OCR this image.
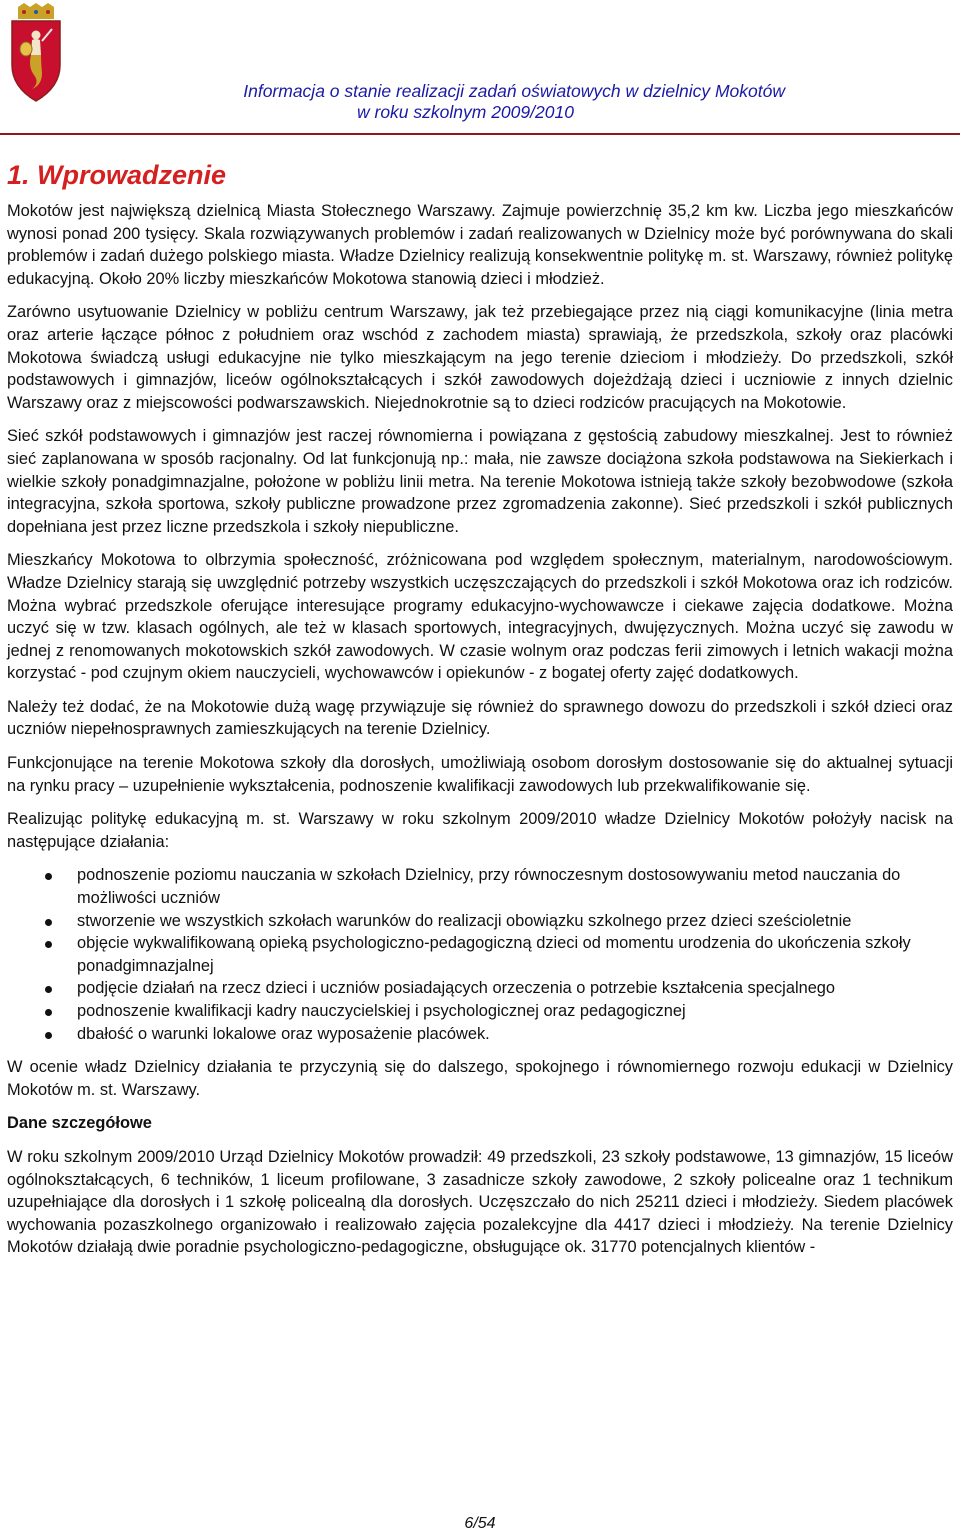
Informacja o stanie realizacji zadań oświatowych w dzielnicy Mokotów
w roku szkolnym 2009/2010
1. Wprowadzenie

Mokotów jest największą dzielnicą Miasta Stołecznego Warszawy. Zajmuje powierzchnię 35,2 km kw. Liczba jego mieszkańców wynosi ponad 200 tysięcy. Skala rozwiązywanych problemów i zadań realizowanych w Dzielnicy może być porównywana do skali problemów i zadań dużego polskiego miasta. Władze Dzielnicy realizują konsekwentnie politykę m. st. Warszawy, również politykę edukacyjną. Około 20% liczby mieszkańców Mokotowa stanowią dzieci i młodzież.

Zarówno usytuowanie Dzielnicy w pobliżu centrum Warszawy, jak też przebiegające przez nią ciągi komunikacyjne (linia metra oraz arterie łączące północ z południem oraz wschód z zachodem miasta) sprawiają, że przedszkola, szkoły oraz placówki Mokotowa świadczą usługi edukacyjne nie tylko mieszkającym na jego terenie dzieciom i młodzieży. Do przedszkoli, szkół podstawowych i gimnazjów, liceów ogólnokształcących i szkół zawodowych dojeżdżają dzieci i uczniowie z innych dzielnic Warszawy oraz z miejscowości podwarszawskich. Niejednokrotnie są to dzieci rodziców pracujących na Mokotowie.

Sieć szkół podstawowych i gimnazjów jest raczej równomierna i powiązana z gęstością zabudowy mieszkalnej. Jest to również sieć zaplanowana w sposób racjonalny. Od lat funkcjonują np.: mała, nie zawsze dociążona szkoła podstawowa na Siekierkach i wielkie szkoły ponadgimnazjalne, położone w pobliżu linii metra. Na terenie Mokotowa istnieją także szkoły bezobwodowe (szkoła integracyjna, szkoła sportowa, szkoły publiczne prowadzone przez zgromadzenia zakonne). Sieć przedszkoli i szkół publicznych dopełniana jest przez liczne przedszkola i szkoły niepubliczne.

Mieszkańcy Mokotowa to olbrzymia społeczność, zróżnicowana pod względem społecznym, materialnym, narodowościowym. Władze Dzielnicy starają się uwzględnić potrzeby wszystkich uczęszczających do przedszkoli i szkół Mokotowa oraz ich rodziców. Można wybrać przedszkole oferujące interesujące programy edukacyjno-wychowawcze i ciekawe zajęcia dodatkowe. Można uczyć się w tzw. klasach ogólnych, ale też w klasach sportowych, integracyjnych, dwujęzycznych. Można uczyć się zawodu w jednej z renomowanych mokotowskich szkół zawodowych. W czasie wolnym oraz podczas ferii zimowych i letnich wakacji można korzystać - pod czujnym okiem nauczycieli, wychowawców i opiekunów - z bogatej oferty zajęć dodatkowych.

Należy też dodać, że na Mokotowie dużą wagę przywiązuje się również do sprawnego dowozu do przedszkoli i szkół dzieci oraz uczniów niepełnosprawnych zamieszkujących na terenie Dzielnicy.

Funkcjonujące na terenie Mokotowa szkoły dla dorosłych, umożliwiają osobom dorosłym dostosowanie się do aktualnej sytuacji na rynku pracy – uzupełnienie wykształcenia, podnoszenie kwalifikacji zawodowych lub przekwalifikowanie się.

Realizując politykę edukacyjną m. st. Warszawy w roku szkolnym 2009/2010 władze Dzielnicy Mokotów położyły nacisk na następujące działania:

podnoszenie poziomu nauczania w szkołach Dzielnicy, przy równoczesnym dostosowywaniu metod nauczania do możliwości uczniów
stworzenie we wszystkich szkołach warunków do realizacji obowiązku szkolnego przez dzieci sześcioletnie
objęcie wykwalifikowaną opieką psychologiczno-pedagogiczną dzieci od momentu urodzenia do ukończenia szkoły ponadgimnazjalnej
podjęcie działań na rzecz dzieci i uczniów posiadających orzeczenia o potrzebie kształcenia specjalnego
podnoszenie kwalifikacji kadry nauczycielskiej i psychologicznej oraz pedagogicznej
dbałość o warunki lokalowe oraz wyposażenie placówek.

W ocenie władz Dzielnicy działania te przyczynią się do dalszego, spokojnego i równomiernego rozwoju edukacji w Dzielnicy Mokotów m. st. Warszawy.

Dane szczegółowe

W roku szkolnym 2009/2010 Urząd Dzielnicy Mokotów prowadził: 49 przedszkoli, 23 szkoły podstawowe, 13 gimnazjów, 15 liceów ogólnokształcących, 6 techników, 1 liceum profilowane, 3 zasadnicze szkoły zawodowe, 2 szkoły policealne oraz 1 technikum uzupełniające dla dorosłych i 1 szkołę policealną dla dorosłych. Uczęszczało do nich 25211 dzieci i młodzieży. Siedem placówek wychowania pozaszkolnego organizowało i realizowało zajęcia pozalekcyjne dla 4417 dzieci i młodzieży. Na terenie Dzielnicy Mokotów działają dwie poradnie psychologiczno-pedagogiczne, obsługujące ok. 31770 potencjalnych klientów -

6/54
